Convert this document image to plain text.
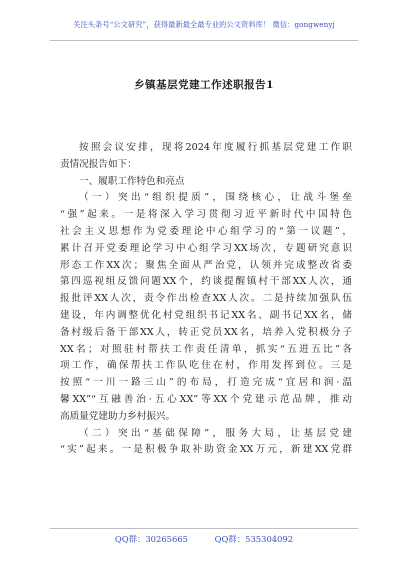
关注头条号“公文研究”，获得最新最全最专业的公文资料库！ 微信：gongwenyj
乡镇基层党建工作述职报告1
按照会议安排，现将2024年度履行抓基层党建工作职
责情况报告如下：
一、履职工作特色和亮点
（一）突出“组织提质”，围绕核心，让战斗堡垒
“强”起来。一是将深入学习贯彻习近平新时代中国特色
社会主义思想作为党委理论中心组学习的“第一议题”，
累计召开党委理论学习中心组学习XX场次，专题研究意识
形态工作XX次；聚焦全面从严治党，认领并完成整改省委
第四巡视组反馈问题XX个，约谈提醒镇村干部XX人次，通
报批评XX人次，责令作出检查XX人次。二是持续加强队伍
建设，年内调整优化村党组织书记XX名、副书记XX名，储
备村级后备干部XX人，转正党员XX名，培养入党积极分子
XX名；对照驻村帮扶工作责任清单，抓实“五进五比”各
项工作，确保帮扶工作队吃住在村，作用发挥到位。三是
按照“一川一路三山”的布局，打造完成“宜居和润·温
馨XX”“互融善治·五心XX”等XX个党建示范品牌，推动
高质量党建助力乡村振兴。
（二）突出“基础保障”，服务大局，让基层党建
“实”起来。一是积极争取补助资金XX万元，新建XX党群
QQ群：30265665	QQ群：535304092
